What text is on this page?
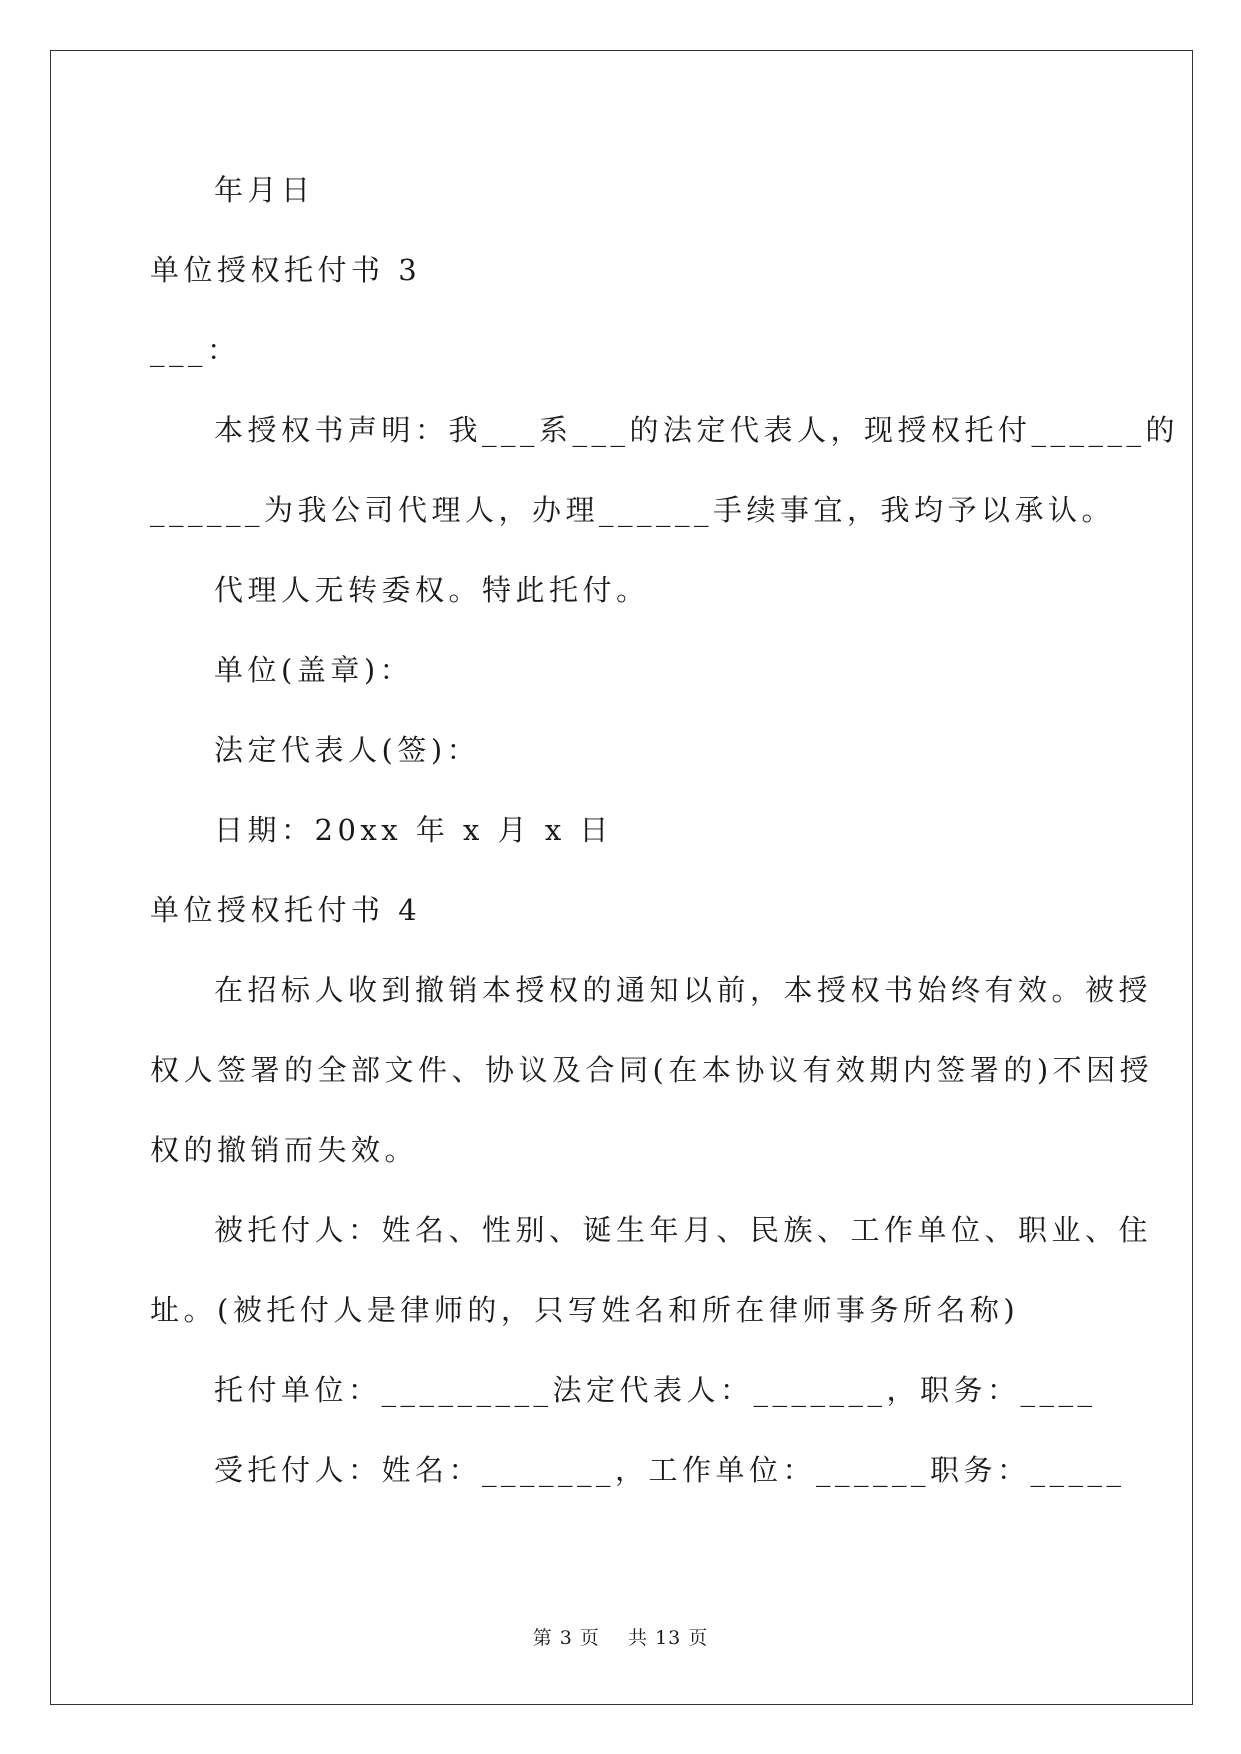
年月日
单位授权托付书 3
___：
本授权书声明：我___系___的法定代表人，现授权托付______的
______为我公司代理人，办理______手续事宜，我均予以承认。
代理人无转委权。特此托付。
单位(盖章)：
法定代表人(签)：
日期：20xx 年 x 月 x 日
单位授权托付书 4
在招标人收到撤销本授权的通知以前，本授权书始终有效。被授
权人签署的全部文件、协议及合同(在本协议有效期内签署的)不因授
权的撤销而失效。
被托付人：姓名、性别、诞生年月、民族、工作单位、职业、住
址。(被托付人是律师的，只写姓名和所在律师事务所名称)
托付单位：_________法定代表人：_______，职务：____
受托付人：姓名：_______，工作单位：______职务：_____
第 3 页    共 13 页
